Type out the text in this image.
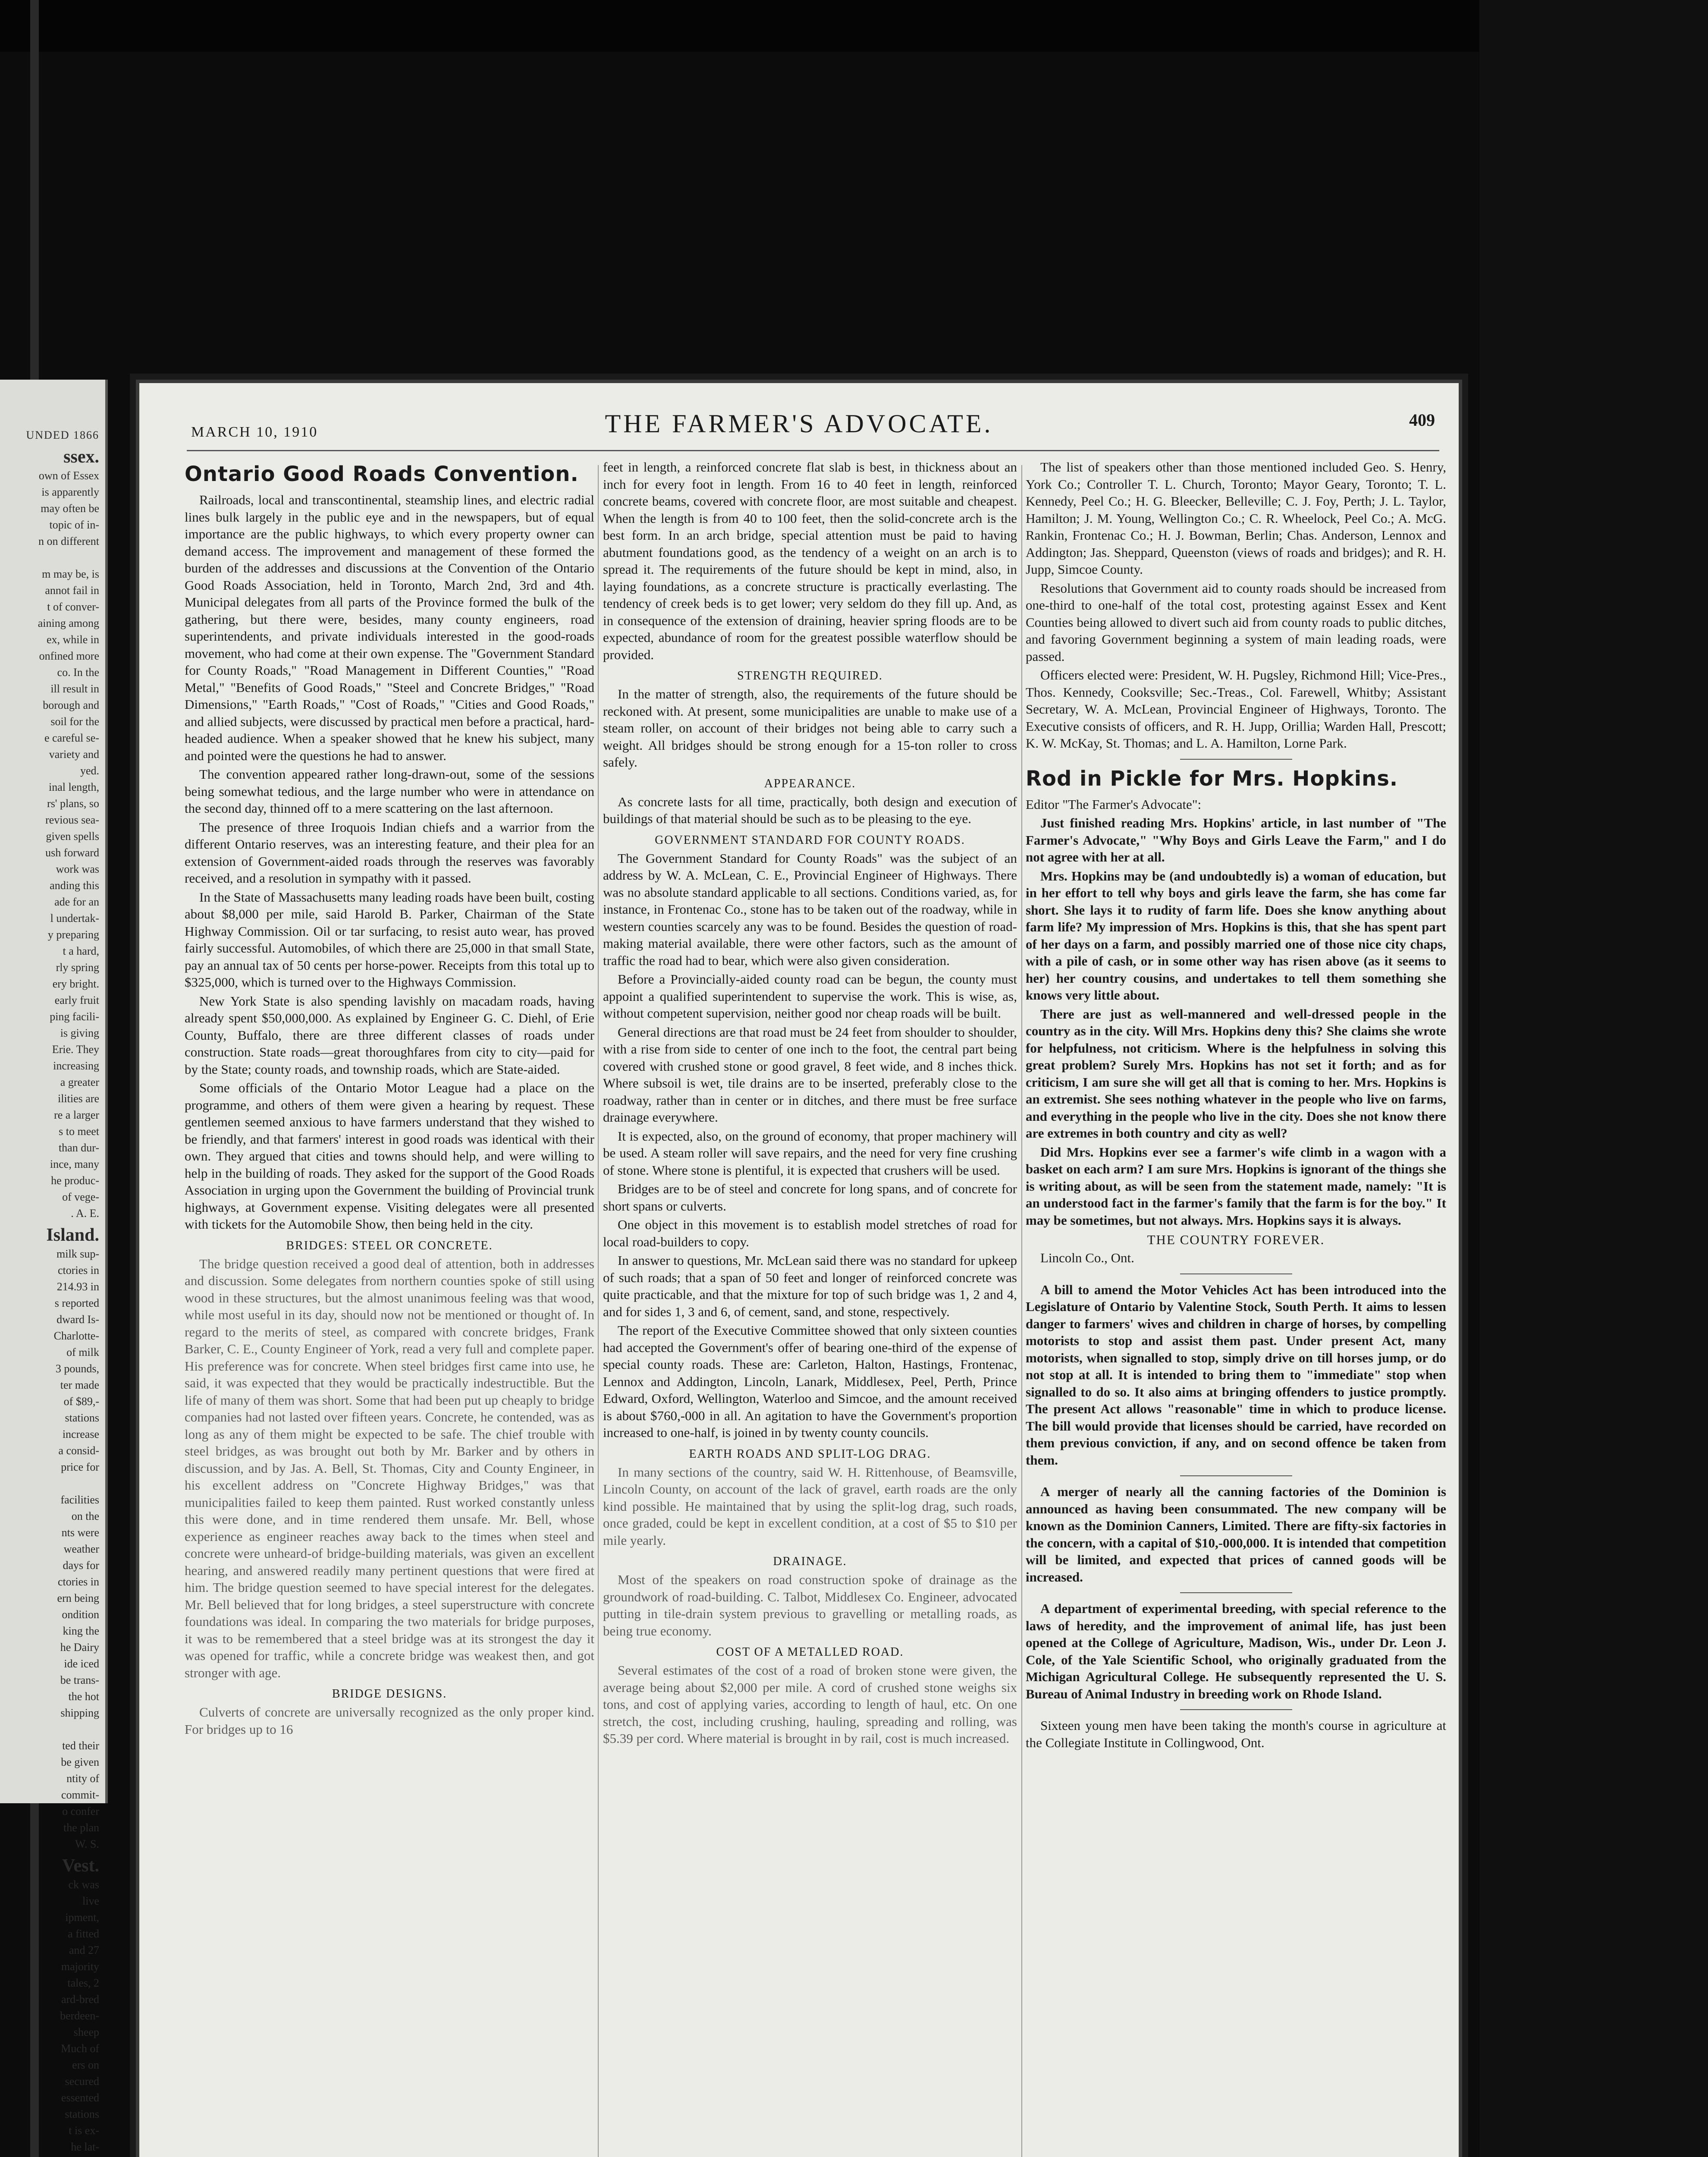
UNDED 1866
ssex.
own of Essex
is apparently
may often be
topic of in-
n on different

m may be, is
annot fail in
t of conver-
aining among
ex, while in
onfined more
co. In the
ill result in
borough and
soil for the
e careful se-
variety and
yed.
inal length,
rs' plans, so
revious sea-
given spells
ush forward
work was
anding this
ade for an
l undertak-
y preparing
t a hard,
rly spring
ery bright.
early fruit
ping facili-
is giving
Erie. They
increasing
a greater
ilities are
re a larger
s to meet
than dur-
ince, many
he produc-
of vege-
. A. E.
Island.
milk sup-
ctories in
214.93 in
s reported
dward Is-
Charlotte-
of milk
3 pounds,
ter made
of $89,-
stations
increase
a consid-
price for

facilities
on the
nts were
weather
days for
ctories in
ern being
ondition
king the
he Dairy
ide iced
be trans-
the hot
shipping

ted their
be given
ntity of
commit-
o confer
the plan
W. S.
Vest.
ck was
live
ipment,
a fitted
and 27
majority
tales, 2
ard-bred
berdeen-
sheep
Much of
ers on
secured
essented
stations
t is ex-
he lat-
MARCH 10, 1910	THE FARMER'S ADVOCATE.	409
Ontario Good Roads Convention.

Railroads, local and transcontinental, steamship lines, and electric radial lines bulk largely in the public eye and in the newspapers, but of equal importance are the public highways, to which every property owner can demand access. The improvement and management of these formed the burden of the addresses and discussions at the Convention of the Ontario Good Roads Association, held in Toronto, March 2nd, 3rd and 4th. Municipal delegates from all parts of the Province formed the bulk of the gathering, but there were, besides, many county engineers, road superintendents, and private individuals interested in the good-roads movement, who had come at their own expense. The "Government Standard for County Roads," "Road Management in Different Counties," "Road Metal," "Benefits of Good Roads," "Steel and Concrete Bridges," "Road Dimensions," "Earth Roads," "Cost of Roads," "Cities and Good Roads," and allied subjects, were discussed by practical men before a practical, hard-headed audience. When a speaker showed that he knew his subject, many and pointed were the questions he had to answer.

The convention appeared rather long-drawn-out, some of the sessions being somewhat tedious, and the large number who were in attendance on the second day, thinned off to a mere scattering on the last afternoon.

The presence of three Iroquois Indian chiefs and a warrior from the different Ontario reserves, was an interesting feature, and their plea for an extension of Government-aided roads through the reserves was favorably received, and a resolution in sympathy with it passed.

In the State of Massachusetts many leading roads have been built, costing about $8,000 per mile, said Harold B. Parker, Chairman of the State Highway Commission. Oil or tar surfacing, to resist auto wear, has proved fairly successful. Automobiles, of which there are 25,000 in that small State, pay an annual tax of 50 cents per horse-power. Receipts from this total up to $325,000, which is turned over to the Highways Commission.

New York State is also spending lavishly on macadam roads, having already spent $50,000,000. As explained by Engineer G. C. Diehl, of Erie County, Buffalo, there are three different classes of roads under construction. State roads—great thoroughfares from city to city—paid for by the State; county roads, and township roads, which are State-aided.

Some officials of the Ontario Motor League had a place on the programme, and others of them were given a hearing by request. These gentlemen seemed anxious to have farmers understand that they wished to be friendly, and that farmers' interest in good roads was identical with their own. They argued that cities and towns should help, and were willing to help in the building of roads. They asked for the support of the Good Roads Association in urging upon the Government the building of Provincial trunk highways, at Government expense. Visiting delegates were all presented with tickets for the Automobile Show, then being held in the city.

BRIDGES: STEEL OR CONCRETE.

The bridge question received a good deal of attention, both in addresses and discussion. Some delegates from northern counties spoke of still using wood in these structures, but the almost unanimous feeling was that wood, while most useful in its day, should now not be mentioned or thought of. In regard to the merits of steel, as compared with concrete bridges, Frank Barker, C. E., County Engineer of York, read a very full and complete paper. His preference was for concrete. When steel bridges first came into use, he said, it was expected that they would be practically indestructible. But the life of many of them was short. Some that had been put up cheaply to bridge companies had not lasted over fifteen years. Concrete, he contended, was as long as any of them might be expected to be safe. The chief trouble with steel bridges, as was brought out both by Mr. Barker and by others in discussion, and by Jas. A. Bell, St. Thomas, City and County Engineer, in his excellent address on "Concrete Highway Bridges," was that municipalities failed to keep them painted. Rust worked constantly unless this were done, and in time rendered them unsafe. Mr. Bell, whose experience as engineer reaches away back to the times when steel and concrete were unheard-of bridge-building materials, was given an excellent hearing, and answered readily many pertinent questions that were fired at him. The bridge question seemed to have special interest for the delegates. Mr. Bell believed that for long bridges, a steel superstructure with concrete foundations was ideal. In comparing the two materials for bridge purposes, it was to be remembered that a steel bridge was at its strongest the day it was opened for traffic, while a concrete bridge was weakest then, and got stronger with age.

BRIDGE DESIGNS.

Culverts of concrete are universally recognized as the only proper kind. For bridges up to 16

feet in length, a reinforced concrete flat slab is best, in thickness about an inch for every foot in length. From 16 to 40 feet in length, reinforced concrete beams, covered with concrete floor, are most suitable and cheapest. When the length is from 40 to 100 feet, then the solid-concrete arch is the best form. In an arch bridge, special attention must be paid to having abutment foundations good, as the tendency of a weight on an arch is to spread it. The requirements of the future should be kept in mind, also, in laying foundations, as a concrete structure is practically everlasting. The tendency of creek beds is to get lower; very seldom do they fill up. And, as in consequence of the extension of draining, heavier spring floods are to be expected, abundance of room for the greatest possible waterflow should be provided.

STRENGTH REQUIRED.

In the matter of strength, also, the requirements of the future should be reckoned with. At present, some municipalities are unable to make use of a steam roller, on account of their bridges not being able to carry such a weight. All bridges should be strong enough for a 15-ton roller to cross safely.

APPEARANCE.

As concrete lasts for all time, practically, both design and execution of buildings of that material should be such as to be pleasing to the eye.

GOVERNMENT STANDARD FOR COUNTY ROADS.

The Government Standard for County Roads" was the subject of an address by W. A. McLean, C. E., Provincial Engineer of Highways. There was no absolute standard applicable to all sections. Conditions varied, as, for instance, in Frontenac Co., stone has to be taken out of the roadway, while in western counties scarcely any was to be found. Besides the question of road-making material available, there were other factors, such as the amount of traffic the road had to bear, which were also given consideration.

Before a Provincially-aided county road can be begun, the county must appoint a qualified superintendent to supervise the work. This is wise, as, without competent supervision, neither good nor cheap roads will be built.

General directions are that road must be 24 feet from shoulder to shoulder, with a rise from side to center of one inch to the foot, the central part being covered with crushed stone or good gravel, 8 feet wide, and 8 inches thick. Where subsoil is wet, tile drains are to be inserted, preferably close to the roadway, rather than in center or in ditches, and there must be free surface drainage everywhere.

It is expected, also, on the ground of economy, that proper machinery will be used. A steam roller will save repairs, and the need for very fine crushing of stone. Where stone is plentiful, it is expected that crushers will be used.

Bridges are to be of steel and concrete for long spans, and of concrete for short spans or culverts.

One object in this movement is to establish model stretches of road for local road-builders to copy.

In answer to questions, Mr. McLean said there was no standard for upkeep of such roads; that a span of 50 feet and longer of reinforced concrete was quite practicable, and that the mixture for top of such bridge was 1, 2 and 4, and for sides 1, 3 and 6, of cement, sand, and stone, respectively.

The report of the Executive Committee showed that only sixteen counties had accepted the Government's offer of bearing one-third of the expense of special county roads. These are: Carleton, Halton, Hastings, Frontenac, Lennox and Addington, Lincoln, Lanark, Middlesex, Peel, Perth, Prince Edward, Oxford, Wellington, Waterloo and Simcoe, and the amount received is about $760,-000 in all. An agitation to have the Government's proportion increased to one-half, is joined in by twenty county councils.

EARTH ROADS AND SPLIT-LOG DRAG.

In many sections of the country, said W. H. Rittenhouse, of Beamsville, Lincoln County, on account of the lack of gravel, earth roads are the only kind possible. He maintained that by using the split-log drag, such roads, once graded, could be kept in excellent condition, at a cost of $5 to $10 per mile yearly.

DRAINAGE.

Most of the speakers on road construction spoke of drainage as the groundwork of road-building. C. Talbot, Middlesex Co. Engineer, advocated putting in tile-drain system previous to gravelling or metalling roads, as being true economy.

COST OF A METALLED ROAD.

Several estimates of the cost of a road of broken stone were given, the average being about $2,000 per mile. A cord of crushed stone weighs six tons, and cost of applying varies, according to length of haul, etc. On one stretch, the cost, including crushing, hauling, spreading and rolling, was $5.39 per cord. Where material is brought in by rail, cost is much increased.

The list of speakers other than those mentioned included Geo. S. Henry, York Co.; Controller T. L. Church, Toronto; Mayor Geary, Toronto; T. L. Kennedy, Peel Co.; H. G. Bleecker, Belleville; C. J. Foy, Perth; J. L. Taylor, Hamilton; J. M. Young, Wellington Co.; C. R. Wheelock, Peel Co.; A. McG. Rankin, Frontenac Co.; H. J. Bowman, Berlin; Chas. Anderson, Lennox and Addington; Jas. Sheppard, Queenston (views of roads and bridges); and R. H. Jupp, Simcoe County.

Resolutions that Government aid to county roads should be increased from one-third to one-half of the total cost, protesting against Essex and Kent Counties being allowed to divert such aid from county roads to public ditches, and favoring Government beginning a system of main leading roads, were passed.

Officers elected were: President, W. H. Pugsley, Richmond Hill; Vice-Pres., Thos. Kennedy, Cooksville; Sec.-Treas., Col. Farewell, Whitby; Assistant Secretary, W. A. McLean, Provincial Engineer of Highways, Toronto. The Executive consists of officers, and R. H. Jupp, Orillia; Warden Hall, Prescott; K. W. McKay, St. Thomas; and L. A. Hamilton, Lorne Park.

Rod in Pickle for Mrs. Hopkins.

Editor "The Farmer's Advocate":

Just finished reading Mrs. Hopkins' article, in last number of "The Farmer's Advocate," "Why Boys and Girls Leave the Farm," and I do not agree with her at all.

Mrs. Hopkins may be (and undoubtedly is) a woman of education, but in her effort to tell why boys and girls leave the farm, she has come far short. She lays it to rudity of farm life. Does she know anything about farm life? My impression of Mrs. Hopkins is this, that she has spent part of her days on a farm, and possibly married one of those nice city chaps, with a pile of cash, or in some other way has risen above (as it seems to her) her country cousins, and undertakes to tell them something she knows very little about.

There are just as well-mannered and well-dressed people in the country as in the city. Will Mrs. Hopkins deny this? She claims she wrote for helpfulness, not criticism. Where is the helpfulness in solving this great problem? Surely Mrs. Hopkins has not set it forth; and as for criticism, I am sure she will get all that is coming to her. Mrs. Hopkins is an extremist. She sees nothing whatever in the people who live on farms, and everything in the people who live in the city. Does she not know there are extremes in both country and city as well?

Did Mrs. Hopkins ever see a farmer's wife climb in a wagon with a basket on each arm? I am sure Mrs. Hopkins is ignorant of the things she is writing about, as will be seen from the statement made, namely: "It is an understood fact in the farmer's family that the farm is for the boy." It may be sometimes, but not always. Mrs. Hopkins says it is always.

THE COUNTRY FOREVER.

Lincoln Co., Ont.

A bill to amend the Motor Vehicles Act has been introduced into the Legislature of Ontario by Valentine Stock, South Perth. It aims to lessen danger to farmers' wives and children in charge of horses, by compelling motorists to stop and assist them past. Under present Act, many motorists, when signalled to stop, simply drive on till horses jump, or do not stop at all. It is intended to bring them to "immediate" stop when signalled to do so. It also aims at bringing offenders to justice promptly. The present Act allows "reasonable" time in which to produce license. The bill would provide that licenses should be carried, have recorded on them previous conviction, if any, and on second offence be taken from them.

A merger of nearly all the canning factories of the Dominion is announced as having been consummated. The new company will be known as the Dominion Canners, Limited. There are fifty-six factories in the concern, with a capital of $10,-000,000. It is intended that competition will be limited, and expected that prices of canned goods will be increased.

A department of experimental breeding, with special reference to the laws of heredity, and the improvement of animal life, has just been opened at the College of Agriculture, Madison, Wis., under Dr. Leon J. Cole, of the Yale Scientific School, who originally graduated from the Michigan Agricultural College. He subsequently represented the U. S. Bureau of Animal Industry in breeding work on Rhode Island.

Sixteen young men have been taking the month's course in agriculture at the Collegiate Institute in Collingwood, Ont.
